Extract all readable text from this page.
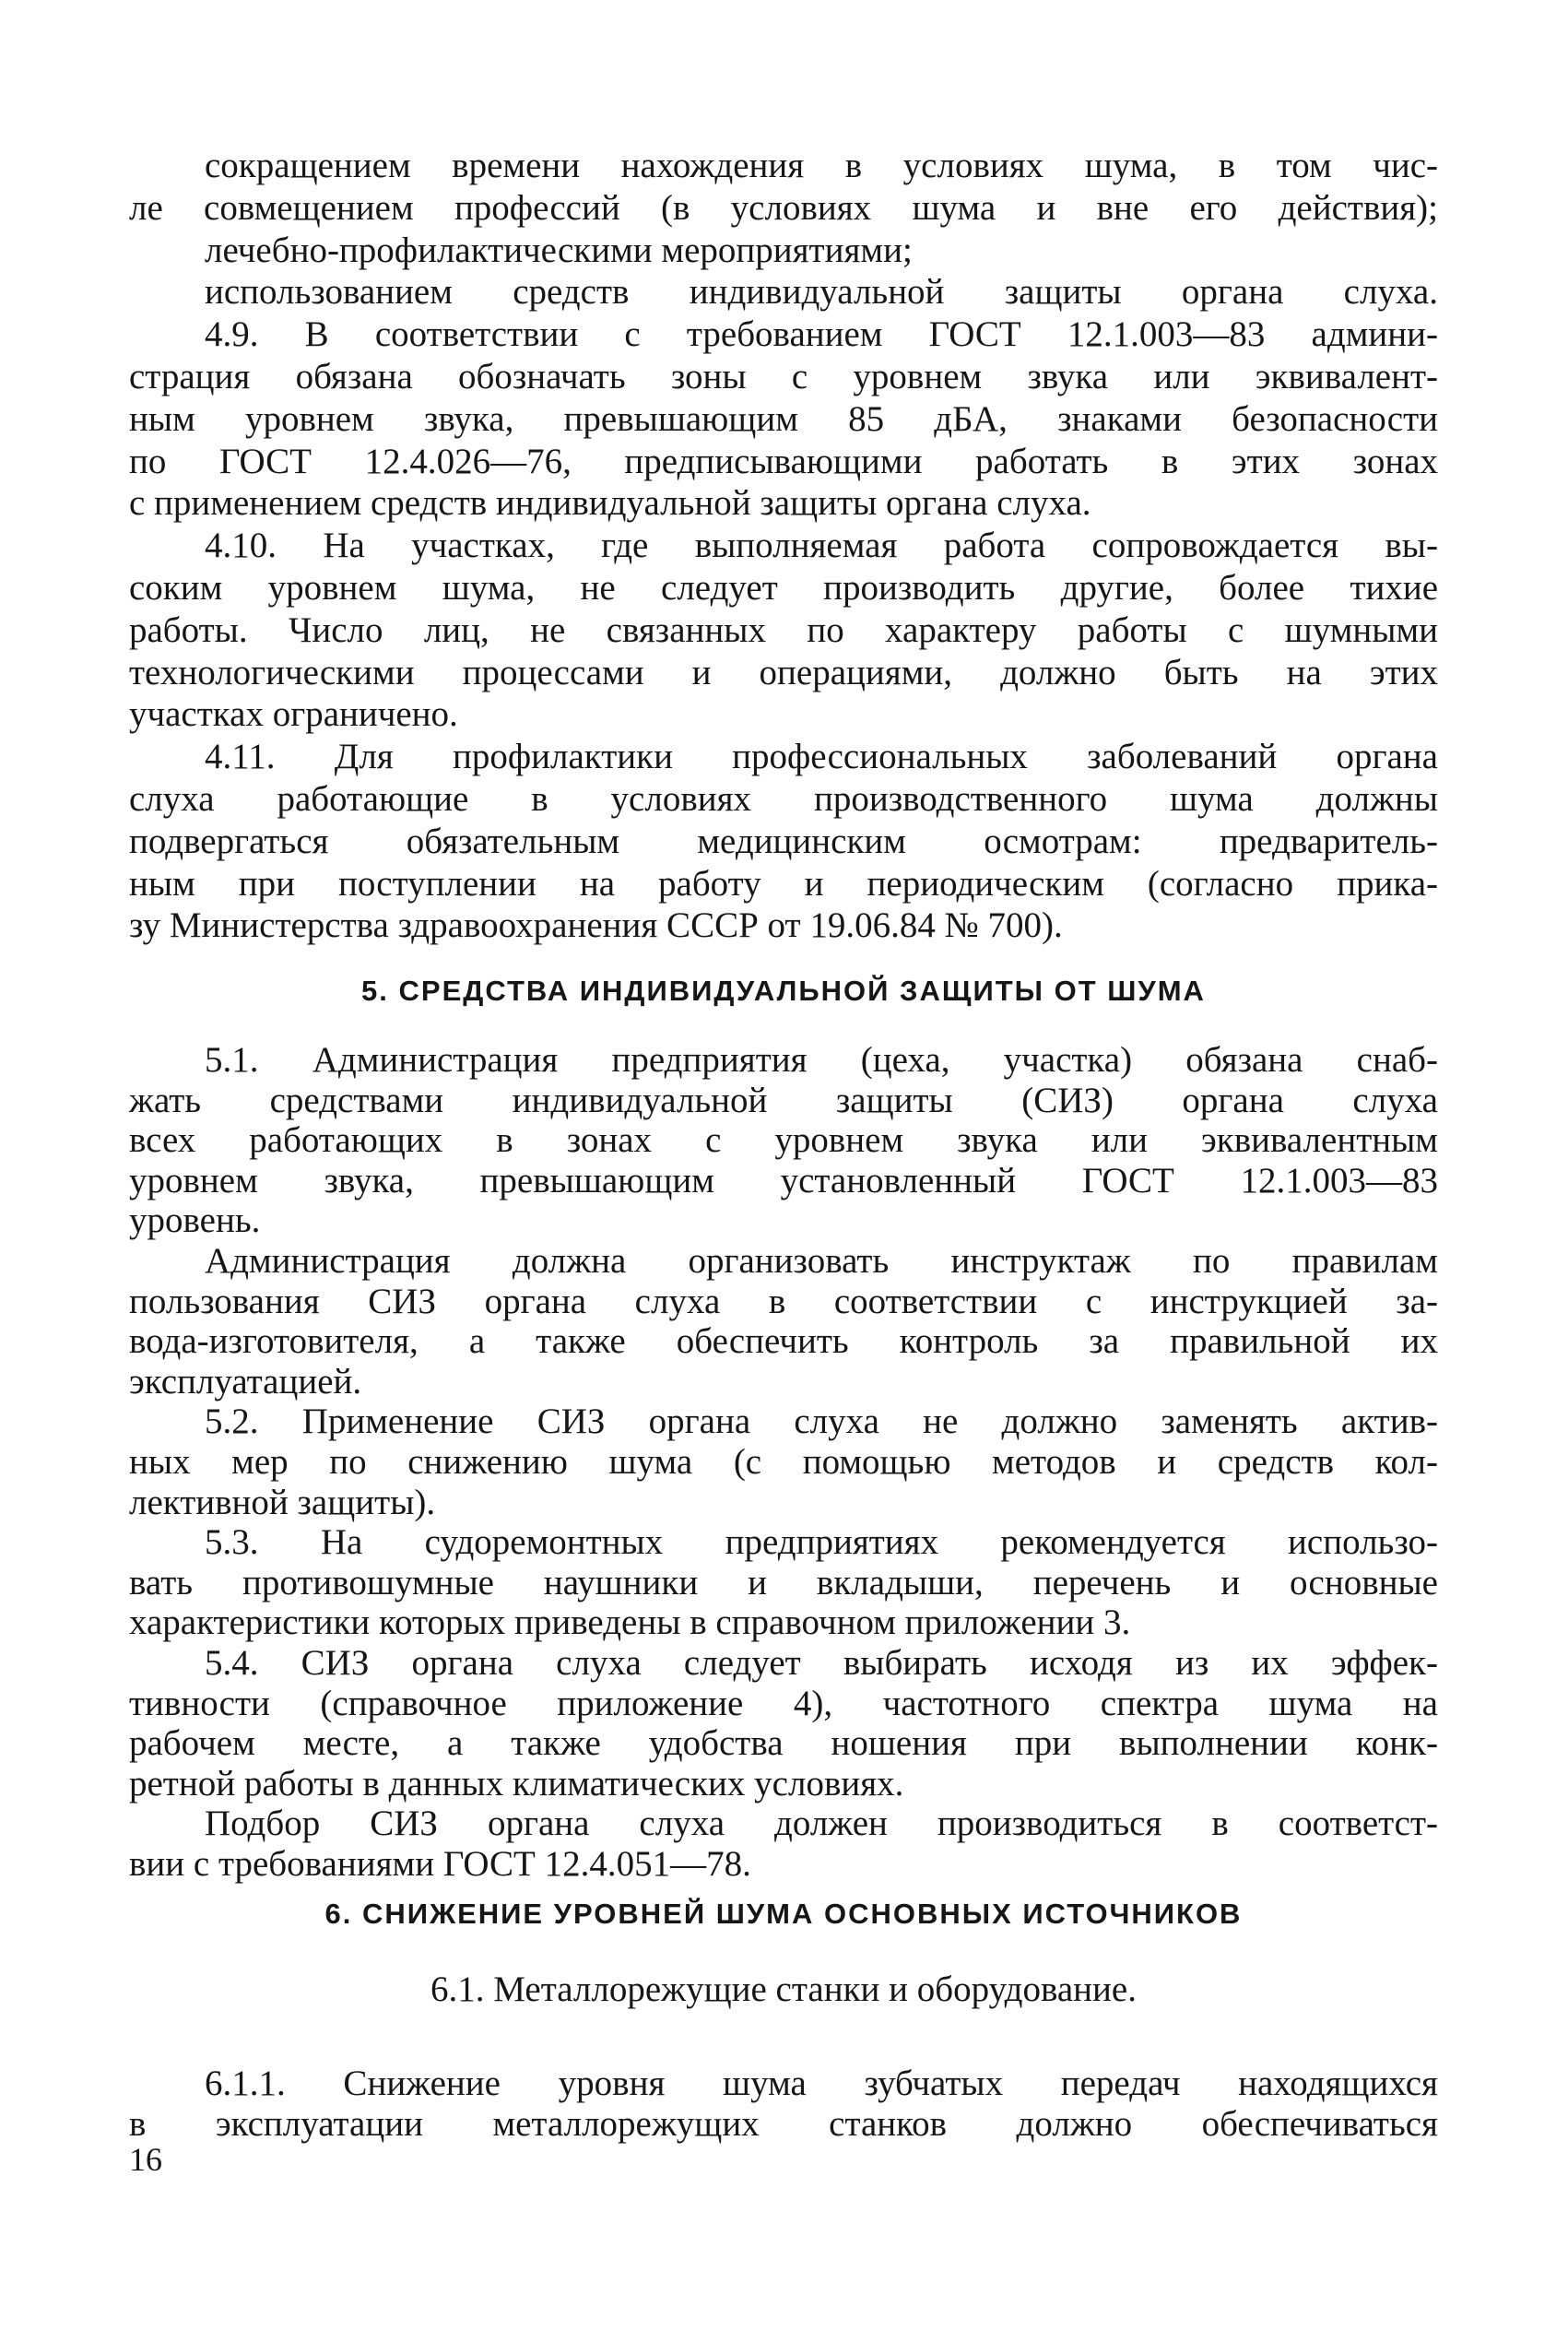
сокращением времени нахождения в условиях шума, в том чис-
ле совмещением профессий (в условиях шума и вне его действия);
лечебно-профилактическими мероприятиями;
использованием средств индивидуальной защиты органа слуха.
4.9. В соответствии с требованием ГОСТ 12.1.003—83 админи-
страция обязана обозначать зоны с уровнем звука или эквивалент-
ным уровнем звука, превышающим 85 дБА, знаками безопасности
по ГОСТ 12.4.026—76, предписывающими работать в этих зонах
с применением средств индивидуальной защиты органа слуха.
4.10. На участках, где выполняемая работа сопровождается вы-
соким уровнем шума, не следует производить другие, более тихие
работы. Число лиц, не связанных по характеру работы с шумными
технологическими процессами и операциями, должно быть на этих
участках ограничено.
4.11. Для профилактики профессиональных заболеваний органа
слуха работающие в условиях производственного шума должны
подвергаться обязательным медицинским осмотрам: предваритель-
ным при поступлении на работу и периодическим (согласно прика-
зу Министерства здравоохранения СССР от 19.06.84 № 700).
5. СРЕДСТВА ИНДИВИДУАЛЬНОЙ ЗАЩИТЫ ОТ ШУМА
5.1. Администрация предприятия (цеха, участка) обязана снаб-
жать средствами индивидуальной защиты (СИЗ) органа слуха
всех работающих в зонах с уровнем звука или эквивалентным
уровнем звука, превышающим установленный ГОСТ 12.1.003—83
уровень.
Администрация должна организовать инструктаж по правилам
пользования СИЗ органа слуха в соответствии с инструкцией за-
вода-изготовителя, а также обеспечить контроль за правильной их
эксплуатацией.
5.2. Применение СИЗ органа слуха не должно заменять актив-
ных мер по снижению шума (с помощью методов и средств кол-
лективной защиты).
5.3. На судоремонтных предприятиях рекомендуется использо-
вать противошумные наушники и вкладыши, перечень и основные
характеристики которых приведены в справочном приложении 3.
5.4. СИЗ органа слуха следует выбирать исходя из их эффек-
тивности (справочное приложение 4), частотного спектра шума на
рабочем месте, а также удобства ношения при выполнении конк-
ретной работы в данных климатических условиях.
Подбор СИЗ органа слуха должен производиться в соответст-
вии с требованиями ГОСТ 12.4.051—78.
6. СНИЖЕНИЕ УРОВНЕЙ ШУМА ОСНОВНЫХ ИСТОЧНИКОВ
6.1. Металлорежущие станки и оборудование.
6.1.1. Снижение уровня шума зубчатых передач находящихся
в эксплуатации металлорежущих станков должно обеспечиваться
16
